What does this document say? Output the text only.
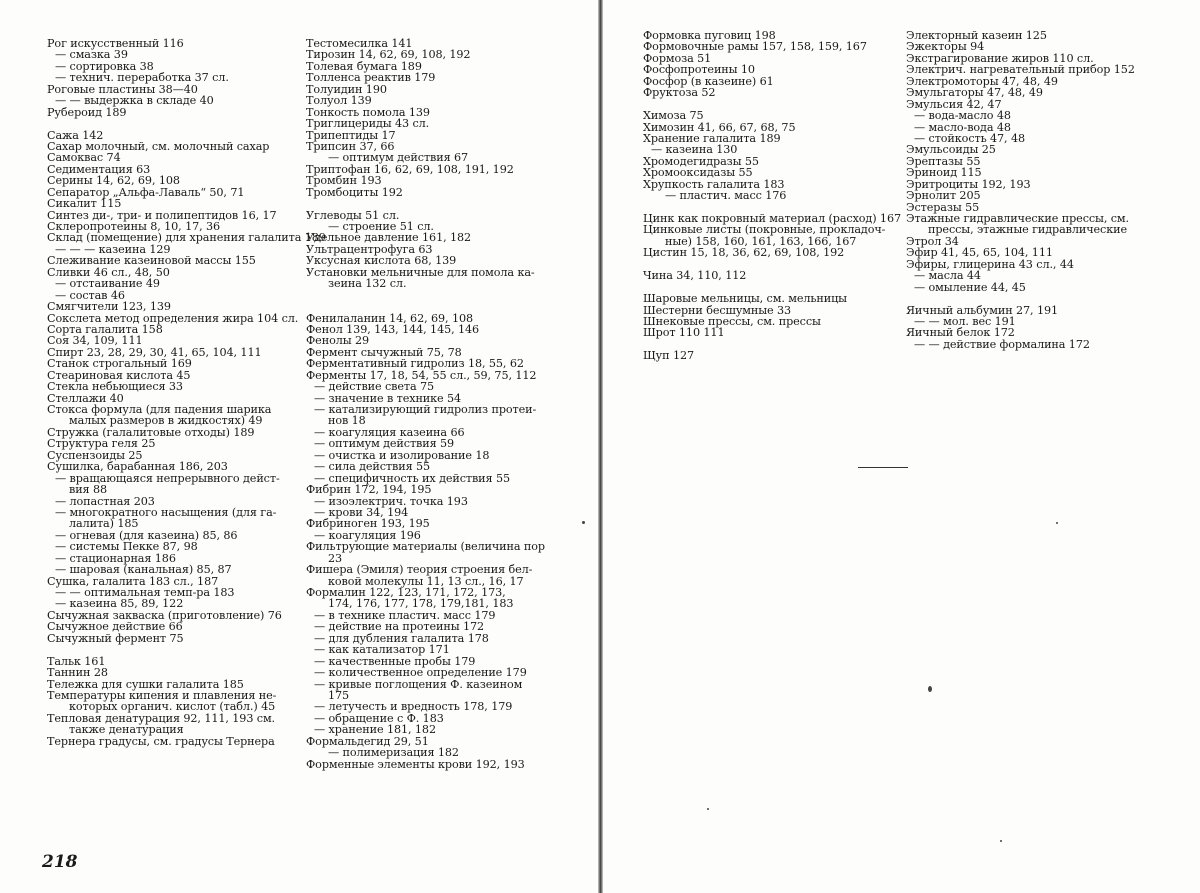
Рог искусственный 116
— смазка 39
— сортировка 38
— технич. переработка 37 сл.
Роговые пластины 38—40
— — выдержка в складе 40
Рубероид 189
Сажа 142
Сахар молочный, см. молочный сахар
Самоквас 74
Седиментация 63
Серины 14, 62, 69, 108
Сепаратор „Альфа-Лаваль“ 50, 71
Сикалит 115
Синтез ди-, три- и полипептидов 16, 17
Склеропротеины 8, 10, 17, 36
Склад (помещение) для хранения галалита 189
— — — казеина 129
Слеживание казеиновой массы 155
Сливки 46 сл., 48, 50
— отстаивание 49
— состав 46
Смягчители 123, 139
Сокслета метод определения жира 104 сл.
Сорта галалита 158
Соя 34, 109, 111
Спирт 23, 28, 29, 30, 41, 65, 104, 111
Станок строгальный 169
Стеариновая кислота 45
Стекла небьющиеся 33
Стеллажи 40
Стокса формула (для падения шарика
малых размеров в жидкостях) 49
Стружка (галалитовые отходы) 189
Структура геля 25
Суспензоиды 25
Сушилка, барабанная 186, 203
— вращающаяся непрерывного дейст-
вия 88
— лопастная 203
— многократного насыщения (для га-
лалита) 185
— огневая (для казеина) 85, 86
— системы Пекке 87, 98
— стационарная 186
— шаровая (канальная) 85, 87
Сушка, галалита 183 сл., 187
— — оптимальная темп-ра 183
— казеина 85, 89, 122
Сычужная закваска (приготовление) 76
Сычужное действие 66
Сычужный фермент 75
Тальк 161
Таннин 28
Тележка для сушки галалита 185
Температуры кипения и плавления не-
которых органич. кислот (табл.) 45
Тепловая денатурация 92, 111, 193 см.
также денатурация
Тернера градусы, см. градусы Тернера
Тестомесилка 141
Тирозин 14, 62, 69, 108, 192
Толевая бумага 189
Толленса реактив 179
Толуидин 190
Толуол 139
Тонкость помола 139
Триглицериды 43 сл.
Трипептиды 17
Трипсин 37, 66
— оптимум действия 67
Триптофан 16, 62, 69, 108, 191, 192
Тромбин 193
Тромбоциты 192
Углеводы 51 сл.
— строение 51 сл.
Удельное давление 161, 182
Ультрацентрофуга 63
Уксусная кислота 68, 139
Установки мельничные для помола ка-
зеина 132 сл.
Фенилаланин 14, 62, 69, 108
Фенол 139, 143, 144, 145, 146
Фенолы 29
Фермент сычужный 75, 78
Ферментативный гидролиз 18, 55, 62
Ферменты 17, 18, 54, 55 сл., 59, 75, 112
— действие света 75
— значение в технике 54
— катализирующий гидролиз протеи-
нов 18
— коагуляция казеина 66
— оптимум действия 59
— очистка и изолирование 18
— сила действия 55
— специфичность их действия 55
Фибрин 172, 194, 195
— изоэлектрич. точка 193
— крови 34, 194
Фибриноген 193, 195
— коагуляция 196
Фильтрующие материалы (величина пор
23
Фишера (Эмиля) теория строения бел-
ковой молекулы 11, 13 сл., 16, 17
Формалин 122, 123, 171, 172, 173,
174, 176, 177, 178, 179,181, 183
— в технике пластич. масс 179
— действие на протеины 172
— для дубления галалита 178
— как катализатор 171
— качественные пробы 179
— количественное определение 179
— кривые поглощения Ф. казеином
175
— летучесть и вредность 178, 179
— обращение с Ф. 183
— хранение 181, 182
Формальдегид 29, 51
— полимеризация 182
Форменные элементы крови 192, 193
Формовка пуговиц 198
Формовочные рамы 157, 158, 159, 167
Формоза 51
Фосфопротеины 10
Фосфор (в казеине) 61
Фруктоза 52
Химоза 75
Химозин 41, 66, 67, 68, 75
Хранение галалита 189
— казеина 130
Хромодегидразы 55
Хромооксидазы 55
Хрупкость галалита 183
— пластич. масс 176
Цинк как покровный материал (расход) 167
Цинковые листы (покровные, прокладоч-
ные) 158, 160, 161, 163, 166, 167
Цистин 15, 18, 36, 62, 69, 108, 192
Чина 34, 110, 112
Шаровые мельницы, см. мельницы
Шестерни бесшумные 33
Шнековые прессы, см. прессы
Шрот 110 111
Щуп 127
Электорный казеин 125
Эжекторы 94
Экстрагирование жиров 110 сл.
Электрич. нагревательный прибор 152
Электромоторы 47, 48, 49
Эмульгаторы 47, 48, 49
Эмульсия 42, 47
— вода-масло 48
— масло-вода 48
— стойкость 47, 48
Эмульсоиды 25
Эрептазы 55
Эриноид 115
Эритроциты 192, 193
Эрнолит 205
Эстеразы 55
Этажные гидравлические прессы, см.
прессы, этажные гидравлические
Этрол 34
Эфир 41, 45, 65, 104, 111
Эфиры, глицерина 43 сл., 44
— масла 44
— омыление 44, 45
Яичный альбумин 27, 191
— — мол. вес 191
Яичный белок 172
— — действие формалина 172
218
